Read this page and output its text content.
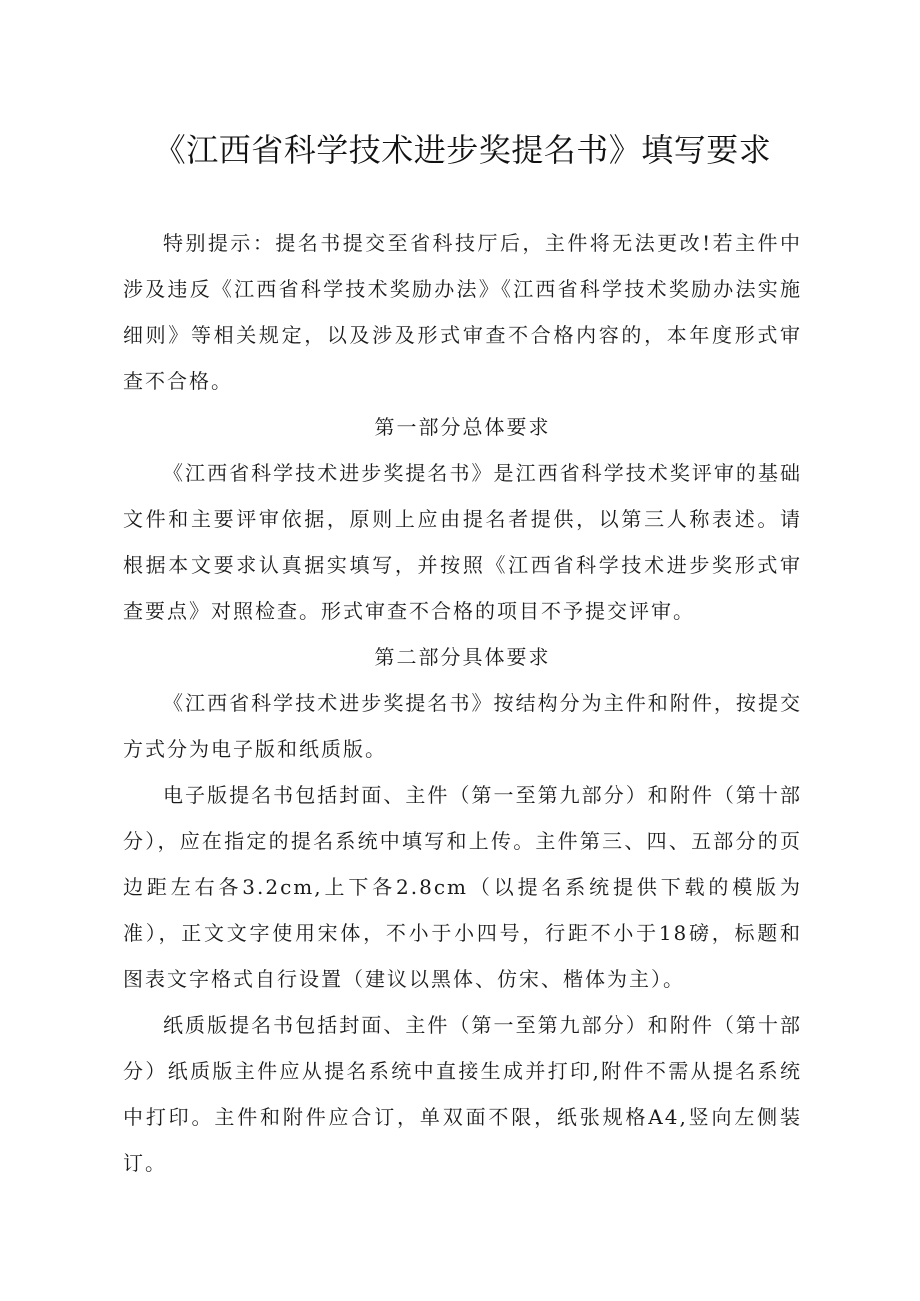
《江西省科学技术进步奖提名书》填写要求

特别提示：提名书提交至省科技厅后，主件将无法更改!若主件中涉及违反《江西省科学技术奖励办法》《江西省科学技术奖励办法实施细则》等相关规定，以及涉及形式审查不合格内容的，本年度形式审查不合格。

第一部分总体要求

《江西省科学技术进步奖提名书》是江西省科学技术奖评审的基础文件和主要评审依据，原则上应由提名者提供，以第三人称表述。请根据本文要求认真据实填写，并按照《江西省科学技术进步奖形式审查要点》对照检查。形式审查不合格的项目不予提交评审。

第二部分具体要求

《江西省科学技术进步奖提名书》按结构分为主件和附件，按提交方式分为电子版和纸质版。

电子版提名书包括封面、主件（第一至第九部分）和附件（第十部分），应在指定的提名系统中填写和上传。主件第三、四、五部分的页边距左右各3.2cm,上下各2.8cm（以提名系统提供下载的模版为准），正文文字使用宋体，不小于小四号，行距不小于18磅，标题和图表文字格式自行设置（建议以黑体、仿宋、楷体为主）。

纸质版提名书包括封面、主件（第一至第九部分）和附件（第十部分）纸质版主件应从提名系统中直接生成并打印,附件不需从提名系统中打印。主件和附件应合订，单双面不限，纸张规格A4,竖向左侧装订。
